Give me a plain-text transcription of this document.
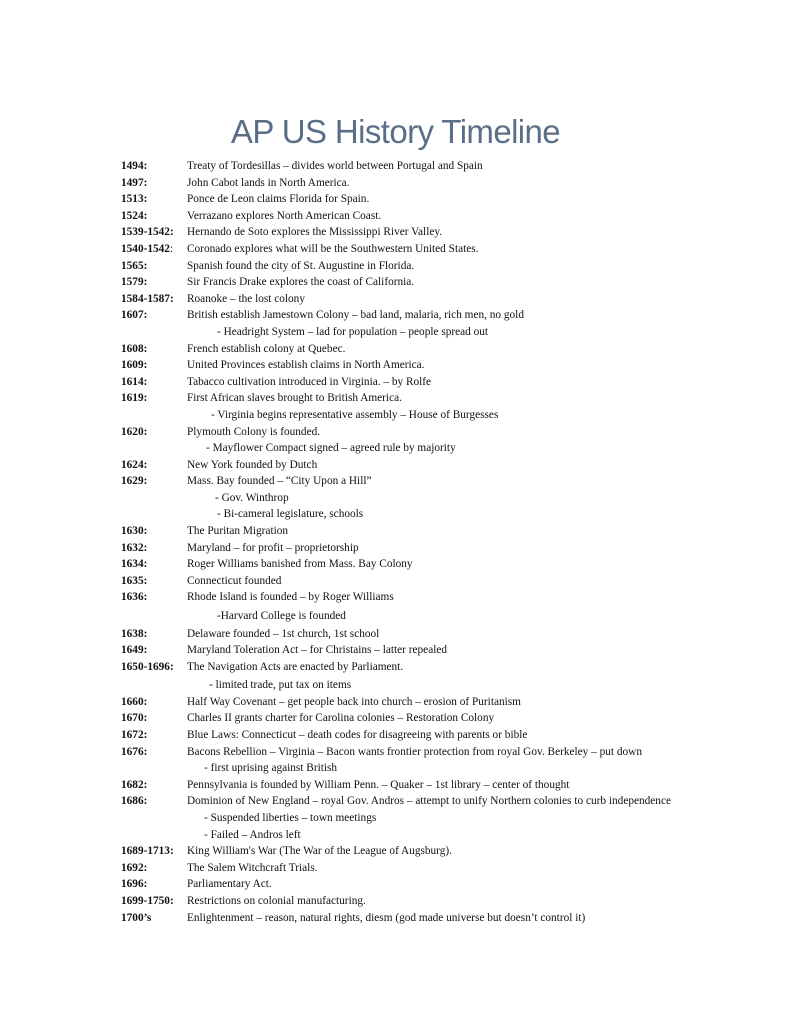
AP US History Timeline
1494:	Treaty of Tordesillas – divides world between Portugal and Spain
1497:	John Cabot lands in North America.
1513:	Ponce de Leon claims Florida for Spain.
1524:	Verrazano explores North American Coast.
1539-1542: Hernando de Soto explores the Mississippi River Valley.
1540-1542: Coronado explores what will be the Southwestern United States.
1565:	Spanish found the city of St. Augustine in Florida.
1579:	Sir Francis Drake explores the coast of California.
1584-1587: Roanoke – the lost colony
1607:	British establish Jamestown Colony – bad land, malaria, rich men, no gold
- Headright System – lad for population – people spread out
1608:	French establish colony at Quebec.
1609:	United Provinces establish claims in North America.
1614:	Tabacco cultivation introduced in Virginia. – by Rolfe
1619:	First African slaves brought to British America.
- Virginia begins representative assembly – House of Burgesses
1620:	Plymouth Colony is founded.
- Mayflower Compact signed – agreed rule by majority
1624:	New York founded by Dutch
1629:	Mass. Bay founded – “City Upon a Hill”
- Gov. Winthrop
- Bi-cameral legislature, schools
1630:	The Puritan Migration
1632:	Maryland – for profit – proprietorship
1634:	Roger Williams banished from Mass. Bay Colony
1635:	Connecticut founded
1636:	Rhode Island is founded – by Roger Williams
-Harvard College is founded
1638:	Delaware founded – 1st church, 1st school
1649:	Maryland Toleration Act – for Christains – latter repealed
1650-1696: The Navigation Acts are enacted by Parliament.
- limited trade, put tax on items
1660:	Half Way Covenant – get people back into church – erosion of Puritanism
1670:	Charles II grants charter for Carolina colonies – Restoration Colony
1672:	Blue Laws: Connecticut – death codes for disagreeing with parents or bible
1676:	Bacons Rebellion – Virginia – Bacon wants frontier protection from royal Gov. Berkeley – put down
- first uprising against British
1682:	Pennsylvania is founded by William Penn. – Quaker – 1st library – center of thought
1686:	Dominion of New England – royal Gov. Andros – attempt to unify Northern colonies to curb independence
- Suspended liberties – town meetings
- Failed – Andros left
1689-1713: King William's War (The War of the League of Augsburg).
1692:	The Salem Witchcraft Trials.
1696:	Parliamentary Act.
1699-1750: Restrictions on colonial manufacturing.
1700’s	Enlightenment – reason, natural rights, diesm (god made universe but doesn’t control it)
